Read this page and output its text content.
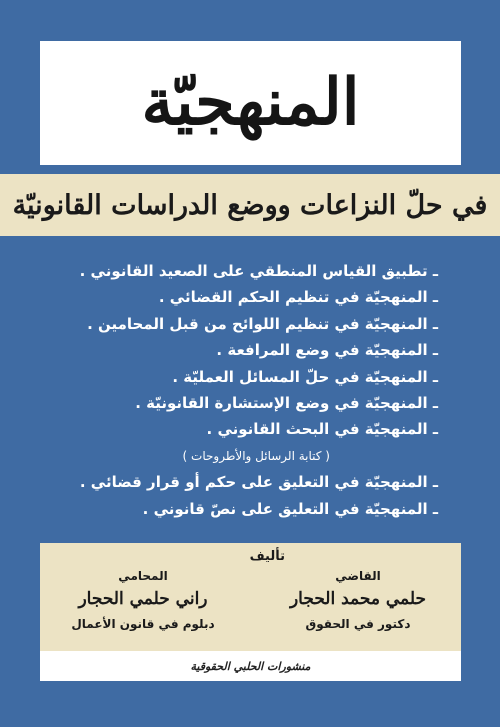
المنهجيّة
في حلّ النزاعات ووضع الدراسات القانونيّة
ـ تطبيق القياس المنطقي على الصعيد القانوني .
ـ المنهجيّة في تنظيم الحكم القضائي .
ـ المنهجيّة في تنظيم اللوائح من قبل المحامين .
ـ المنهجيّة في وضع المرافعة .
ـ المنهجيّة في حلّ المسائل العمليّة .
ـ المنهجيّة في وضع الإستشارة القانونيّة .
ـ المنهجيّة في البحث القانوني .
( كتابة الرسائل والأطروحات )
ـ المنهجيّة في التعليق على حكم أو قرار قضائي .
ـ المنهجيّة في التعليق على نصّ قانوني .
تأليف
القاضي
حلمي محمد الحجار
دكتور في الحقوق
المحامي
راني حلمي الحجار
دبلوم في قانون الأعمال
منشورات الحلبي الحقوقية
